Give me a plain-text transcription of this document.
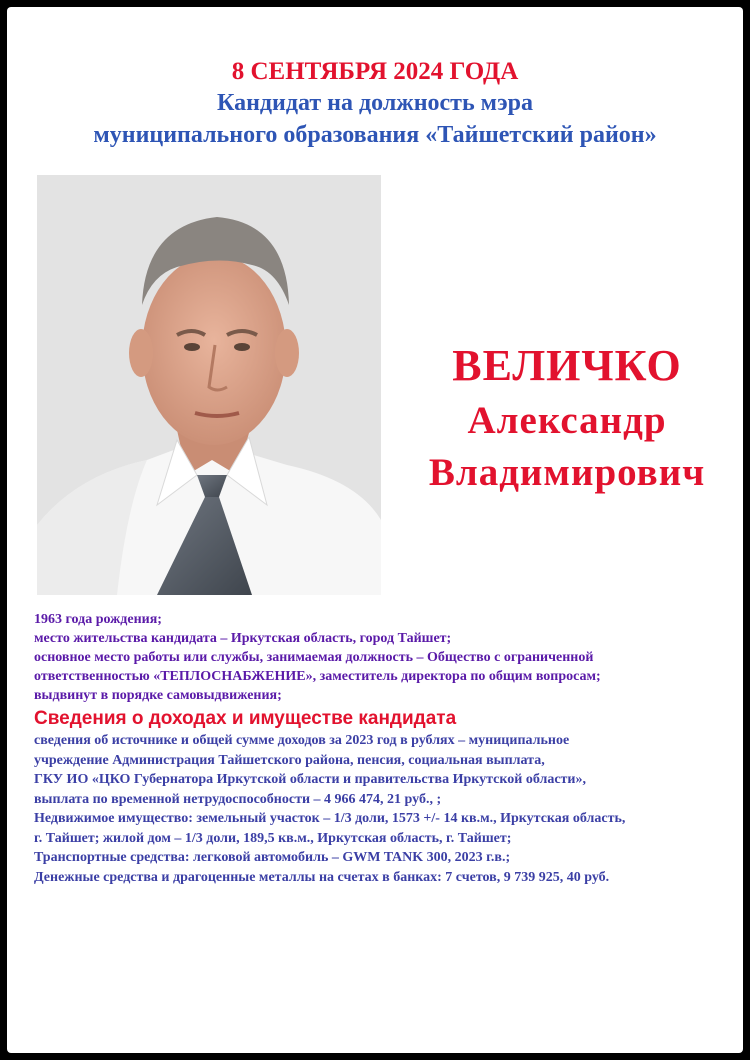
8 СЕНТЯБРЯ 2024 ГОДА
Кандидат на должность мэра
муниципального образования «Тайшетский район»
ВЕЛИЧКО
Александр
Владимирович
1963 года рождения;
место жительства кандидата – Иркутская область, город Тайшет;
основное место работы или службы, занимаемая должность – Общество с ограниченной
ответственностью «ТЕПЛОСНАБЖЕНИЕ», заместитель директора по общим вопросам;
выдвинут в порядке самовыдвижения;
Сведения о доходах и имуществе кандидата
сведения об источнике и общей сумме доходов за 2023 год в рублях – муниципальное
учреждение Администрация Тайшетского района, пенсия, социальная выплата,
ГКУ ИО «ЦКО Губернатора Иркутской области и правительства Иркутской области»,
выплата по временной нетрудоспособности – 4 966 474, 21 руб., ;
Недвижимое имущество: земельный участок – 1/3 доли, 1573 +/- 14 кв.м., Иркутская область,
г. Тайшет; жилой дом – 1/3 доли, 189,5 кв.м., Иркутская область, г. Тайшет;
Транспортные средства: легковой автомобиль – GWM TANK 300, 2023 г.в.;
Денежные средства и драгоценные металлы на счетах в банках: 7 счетов, 9 739 925, 40 руб.
